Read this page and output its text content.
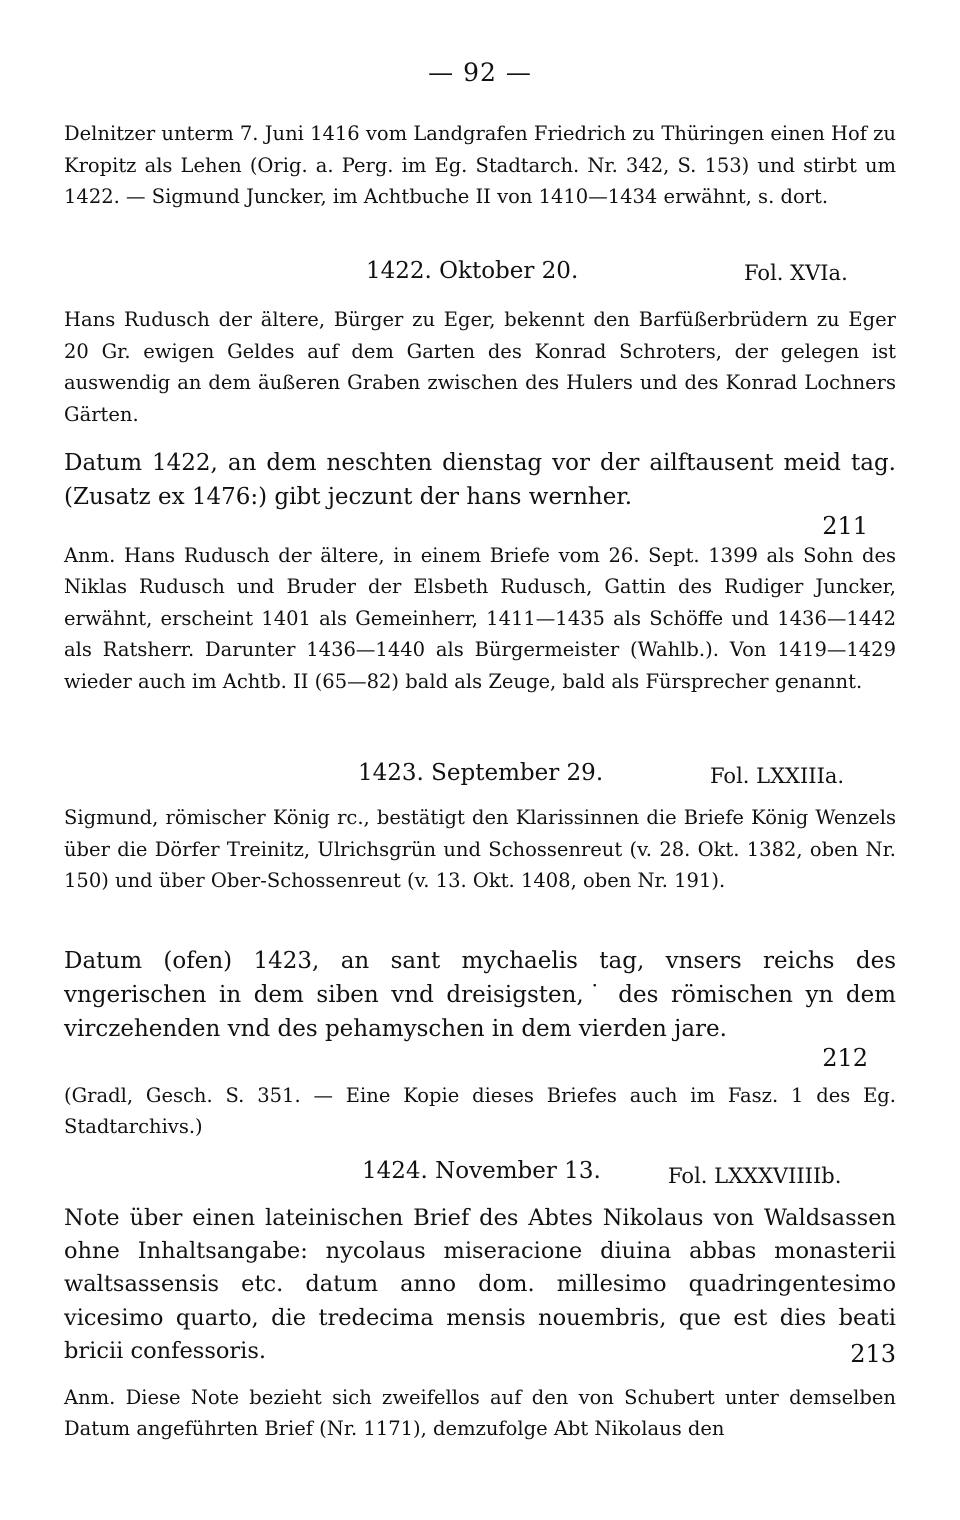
— 92 —

Delnitzer unterm 7. Juni 1416 vom Landgrafen Friedrich zu Thüringen einen Hof zu Kropitz als Lehen (Orig. a. Perg. im Eg. Stadtarch. Nr. 342, S. 153) und stirbt um 1422. — Sigmund Juncker, im Achtbuche II von 1410—1434 erwähnt, s. dort.

1422. Oktober 20.	Fol. XVIa.

Hans Rudusch der ältere, Bürger zu Eger, bekennt den Barfüßerbrüdern zu Eger 20 Gr. ewigen Geldes auf dem Garten des Konrad Schroters, der gelegen ist auswendig an dem äußeren Graben zwischen des Hulers und des Konrad Lochners Gärten.

Datum 1422, an dem neschten dienstag vor der ailftausent meid tag. (Zusatz ex 1476:) gibt jeczunt der hans wernher.

211

Anm. Hans Rudusch der ältere, in einem Briefe vom 26. Sept. 1399 als Sohn des Niklas Rudusch und Bruder der Elsbeth Rudusch, Gattin des Rudiger Juncker, erwähnt, erscheint 1401 als Gemeinherr, 1411—1435 als Schöffe und 1436—1442 als Ratsherr. Darunter 1436—1440 als Bürgermeister (Wahlb.). Von 1419—1429 wieder auch im Achtb. II (65—82) bald als Zeuge, bald als Fürsprecher genannt.

1423. September 29.	Fol. LXXIIIa.

Sigmund, römischer König rc., bestätigt den Klarissinnen die Briefe König Wenzels über die Dörfer Treinitz, Ulrichsgrün und Schossenreut (v. 28. Okt. 1382, oben Nr. 150) und über Ober-Schossenreut (v. 13. Okt. 1408, oben Nr. 191).

Datum (ofen) 1423, an sant mychaelis tag, vnsers reichs des vngerischen in dem siben vnd dreisigsten,˙ des römischen yn dem virczehenden vnd des pehamyschen in dem vierden jare.

212

(Gradl, Gesch. S. 351. — Eine Kopie dieses Briefes auch im Fasz. 1 des Eg. Stadtarchivs.)

1424. November 13.	Fol. LXXXVIIIIb.

Note über einen lateinischen Brief des Abtes Nikolaus von Waldsassen ohne Inhaltsangabe: nycolaus miseracione diuina abbas monasterii waltsassensis etc. datum anno dom. millesimo quadringentesimo vicesimo quarto, die tredecima mensis nouembris, que est dies beati bricii confessoris.	213

Anm. Diese Note bezieht sich zweifellos auf den von Schubert unter demselben Datum angeführten Brief (Nr. 1171), demzufolge Abt Nikolaus den
